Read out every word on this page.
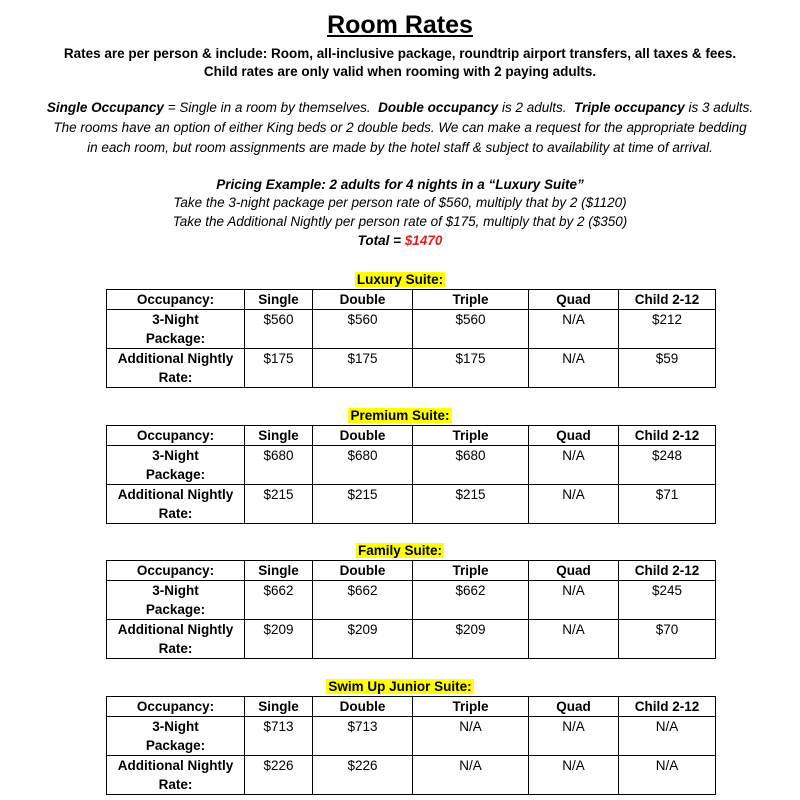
Room Rates
Rates are per person & include: Room, all-inclusive package, roundtrip airport transfers, all taxes & fees.
Child rates are only valid when rooming with 2 paying adults.
Single Occupancy = Single in a room by themselves.  Double occupancy is 2 adults.  Triple occupancy is 3 adults.
The rooms have an option of either King beds or 2 double beds. We can make a request for the appropriate bedding
in each room, but room assignments are made by the hotel staff & subject to availability at time of arrival.
Pricing Example: 2 adults for 4 nights in a “Luxury Suite”
Take the 3-night package per person rate of $560, multiply that by 2 ($1120)
Take the Additional Nightly per person rate of $175, multiply that by 2 ($350)
Total = $1470
Luxury Suite:
Occupancy:	Single	Double	Triple	Quad	Child 2-12
3-Night
Package:	$560	$560	$560	N/A	$212
Additional Nightly
Rate:	$175	$175	$175	N/A	$59
Premium Suite:
Occupancy:	Single	Double	Triple	Quad	Child 2-12
3-Night
Package:	$680	$680	$680	N/A	$248
Additional Nightly
Rate:	$215	$215	$215	N/A	$71
Family Suite:
Occupancy:	Single	Double	Triple	Quad	Child 2-12
3-Night
Package:	$662	$662	$662	N/A	$245
Additional Nightly
Rate:	$209	$209	$209	N/A	$70
Swim Up Junior Suite:
Occupancy:	Single	Double	Triple	Quad	Child 2-12
3-Night
Package:	$713	$713	N/A	N/A	N/A
Additional Nightly
Rate:	$226	$226	N/A	N/A	N/A
